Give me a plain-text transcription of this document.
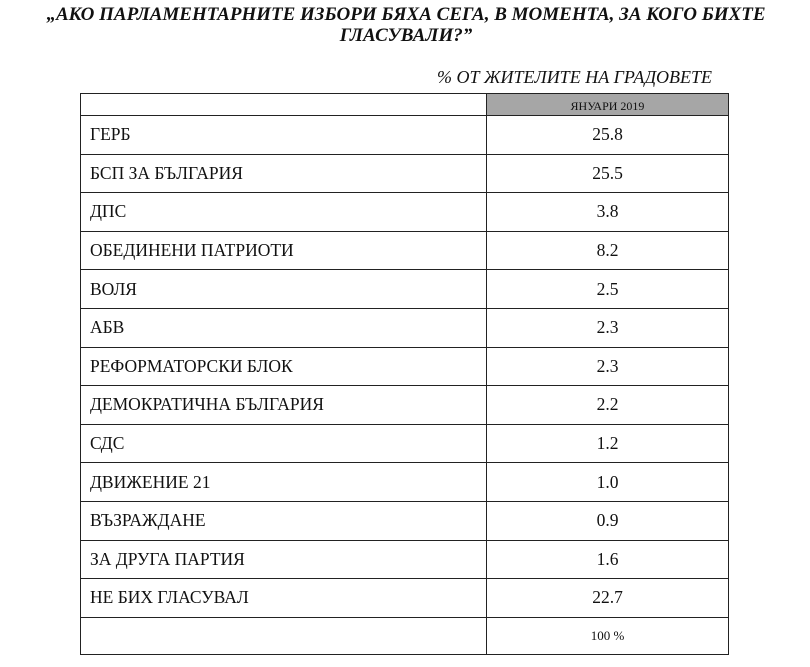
„АКО ПАРЛАМЕНТАРНИТЕ ИЗБОРИ БЯХА СЕГА, В МОМЕНТА, ЗА КОГО БИХТЕ
ГЛАСУВАЛИ?”
% ОТ ЖИТЕЛИТЕ НА ГРАДОВЕТЕ
	ЯНУАРИ 2019
ГЕРБ	25.8
БСП ЗА БЪЛГАРИЯ	25.5
ДПС	3.8
ОБЕДИНЕНИ ПАТРИОТИ	8.2
ВОЛЯ	2.5
АБВ	2.3
РЕФОРМАТОРСКИ БЛОК	2.3
ДЕМОКРАТИЧНА БЪЛГАРИЯ	2.2
СДС	1.2
ДВИЖЕНИЕ 21	1.0
ВЪЗРАЖДАНЕ	0.9
ЗА ДРУГА ПАРТИЯ	1.6
НЕ БИХ ГЛАСУВАЛ	22.7
	100 %
